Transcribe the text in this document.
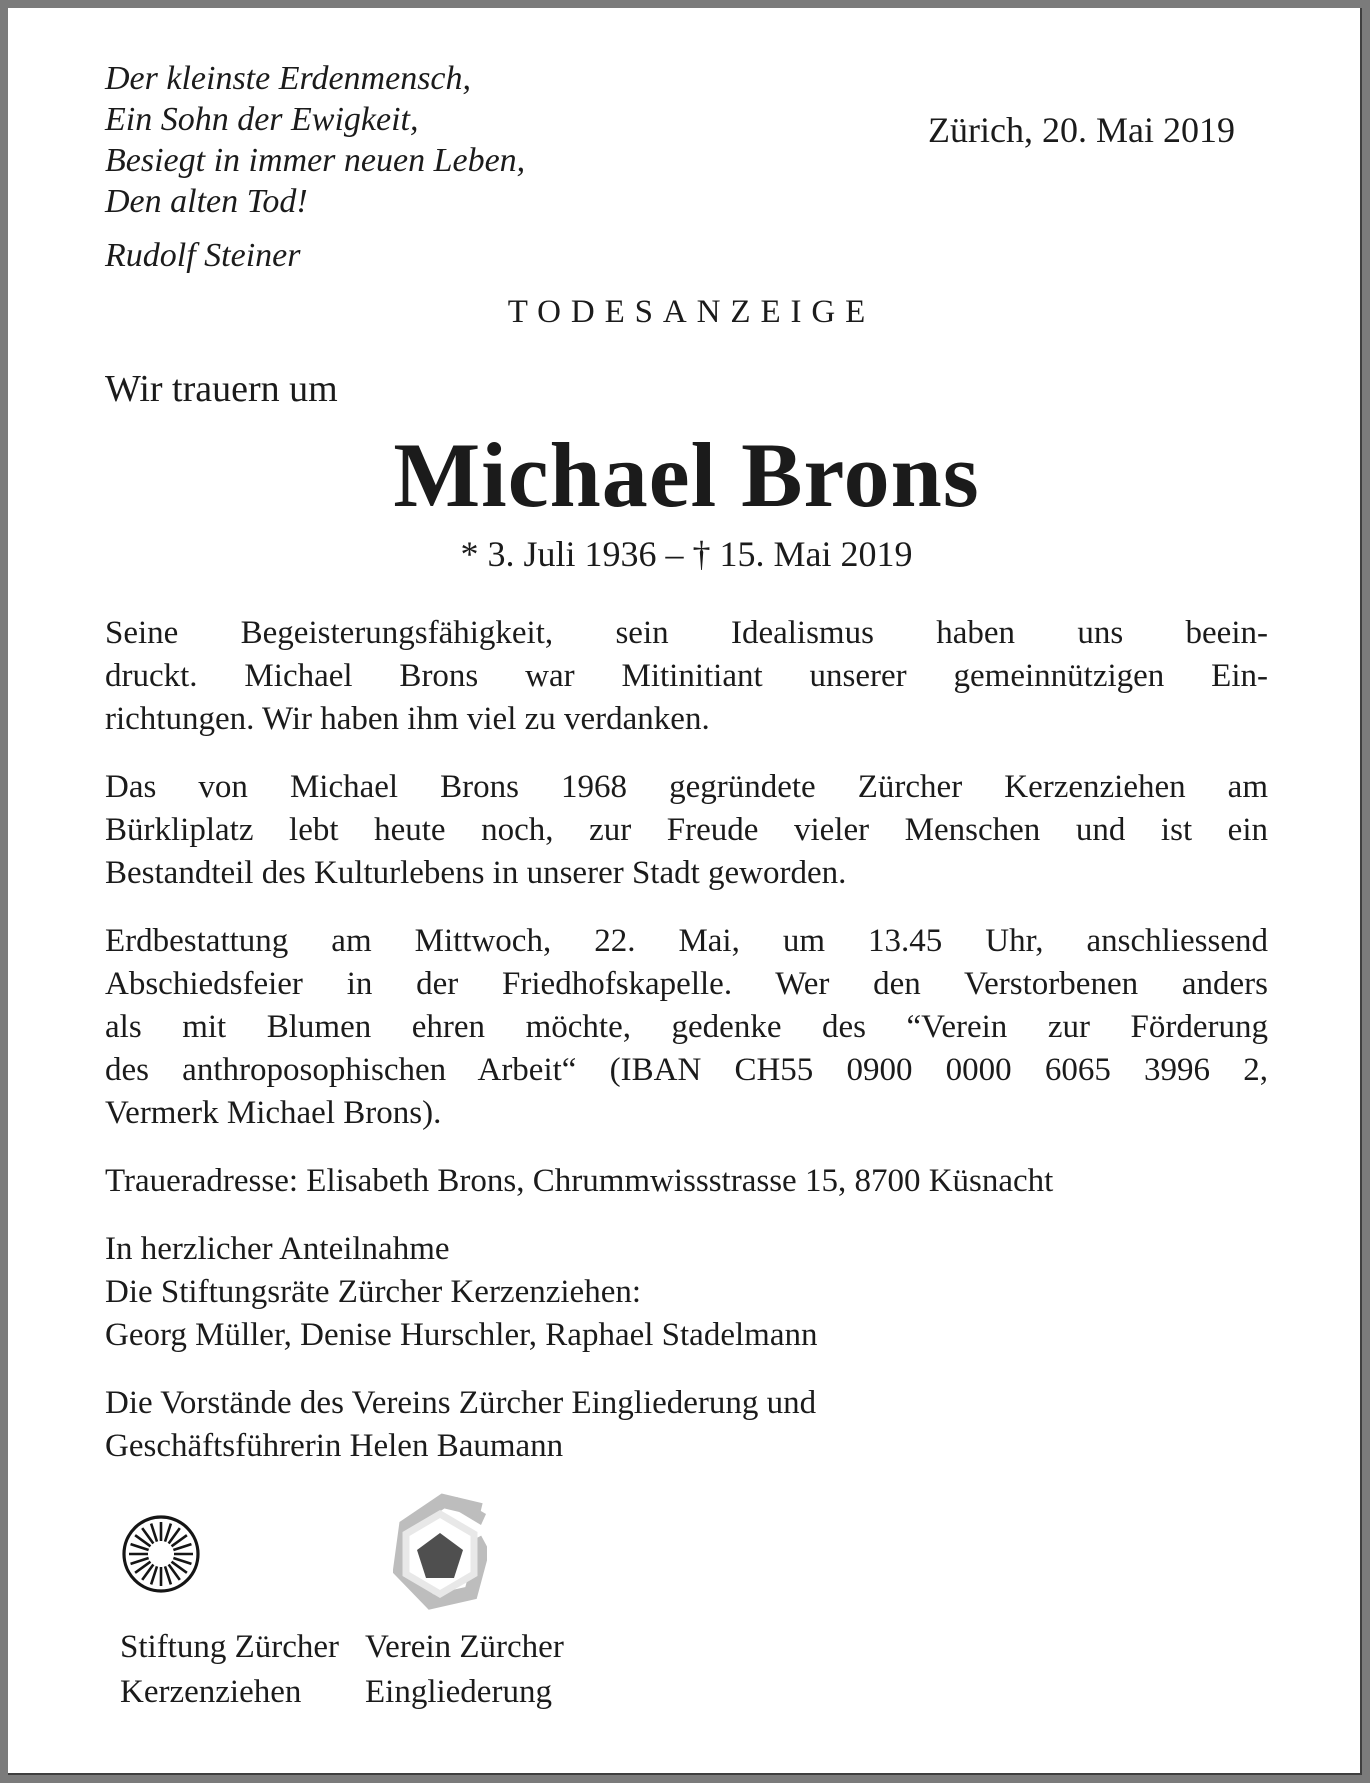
Der kleinste Erdenmensch,
Ein Sohn der Ewigkeit,
Besiegt in immer neuen Leben,
Den alten Tod!
Rudolf Steiner
Zürich, 20. Mai 2019
TODESANZEIGE
Wir trauern um
Michael Brons
* 3. Juli 1936 – † 15. Mai 2019
Seine Begeisterungsfähigkeit, sein Idealismus haben uns beein-
druckt. Michael Brons war Mitinitiant unserer gemeinnützigen Ein-
richtungen. Wir haben ihm viel zu verdanken.
Das von Michael Brons 1968 gegründete Zürcher Kerzenziehen am
Bürkliplatz lebt heute noch, zur Freude vieler Menschen und ist ein
Bestandteil des Kulturlebens in unserer Stadt geworden.
Erdbestattung am Mittwoch, 22. Mai, um 13.45 Uhr, anschliessend
Abschiedsfeier in der Friedhofskapelle. Wer den Verstorbenen anders
als mit Blumen ehren möchte, gedenke des “Verein zur Förderung
des anthroposophischen Arbeit“ (IBAN CH55 0900 0000 6065 3996 2,
Vermerk Michael Brons).
Traueradresse: Elisabeth Brons, Chrummwissstrasse 15, 8700 Küsnacht
In herzlicher Anteilnahme
Die Stiftungsräte Zürcher Kerzenziehen:
Georg Müller, Denise Hurschler, Raphael Stadelmann
Die Vorstände des Vereins Zürcher Eingliederung und
Geschäftsführerin Helen Baumann
Stiftung Zürcher
Kerzenziehen
Verein Zürcher
Eingliederung
